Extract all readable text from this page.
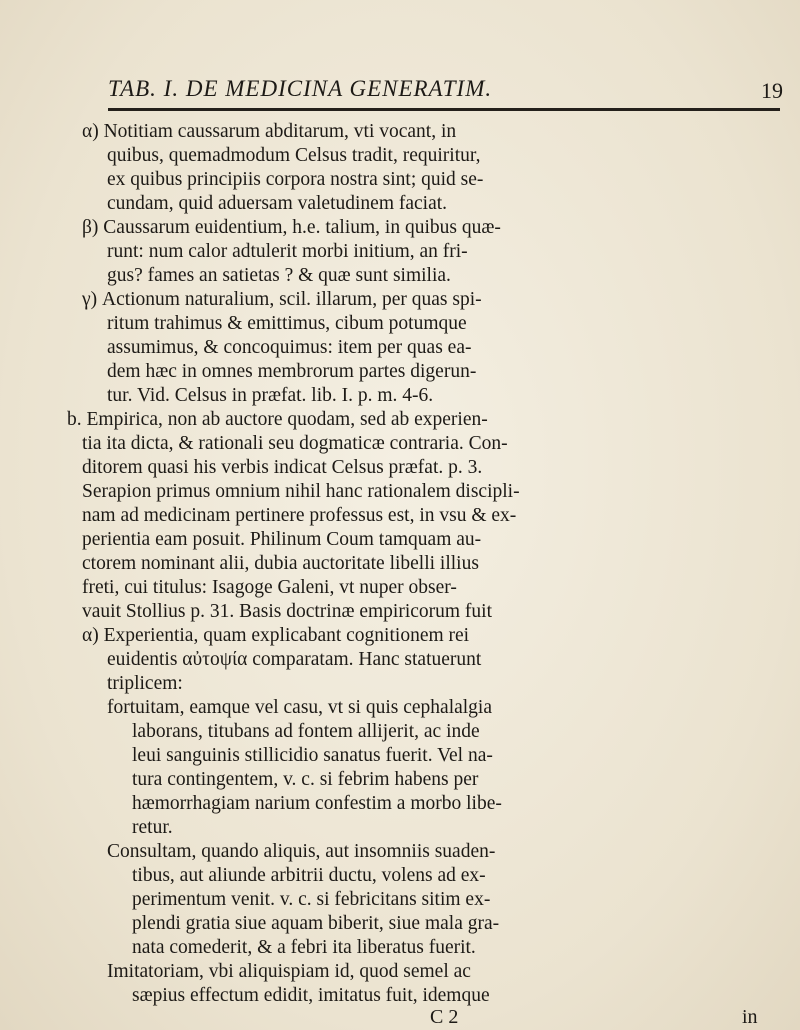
TAB. I. DE MEDICINA GENERATIM.	19
α) Notitiam caussarum abditarum, vti vocant, in
quibus, quemadmodum Celsus tradit, requiritur,
ex quibus principiis corpora nostra sint; quid se-
cundam, quid aduersam valetudinem faciat.
β) Caussarum euidentium, h.e. talium, in quibus quæ-
runt: num calor adtulerit morbi initium, an fri-
gus? fames an satietas ? & quæ sunt similia.
γ) Actionum naturalium, scil. illarum, per quas spi-
ritum trahimus & emittimus, cibum potumque
assumimus, & concoquimus: item per quas ea-
dem hæc in omnes membrorum partes digerun-
tur. Vid. Celsus in præfat. lib. I. p. m. 4-6.
b. Empirica, non ab auctore quodam, sed ab experien-
tia ita dicta, & rationali seu dogmaticæ contraria. Con-
ditorem quasi his verbis indicat Celsus præfat. p. 3.
Serapion primus omnium nihil hanc rationalem discipli-
nam ad medicinam pertinere professus est, in vsu & ex-
perientia eam posuit. Philinum Coum tamquam au-
ctorem nominant alii, dubia auctoritate libelli illius
freti, cui titulus: Isagoge Galeni, vt nuper obser-
vauit Stollius p. 31. Basis doctrinæ empiricorum fuit
α) Experientia, quam explicabant cognitionem rei
euidentis αὐτοψία comparatam. Hanc statuerunt
triplicem:
fortuitam, eamque vel casu, vt si quis cephalalgia
laborans, titubans ad fontem allijerit, ac inde
leui sanguinis stillicidio sanatus fuerit. Vel na-
tura contingentem, v. c. si febrim habens per
hæmorrhagiam narium confestim a morbo libe-
retur.
Consultam, quando aliquis, aut insomniis suaden-
tibus, aut aliunde arbitrii ductu, volens ad ex-
perimentum venit. v. c. si febricitans sitim ex-
plendi gratia siue aquam biberit, siue mala gra-
nata comederit, & a febri ita liberatus fuerit.
Imitatoriam, vbi aliquispiam id, quod semel ac
sæpius effectum edidit, imitatus fuit, idemque
C 2	in
